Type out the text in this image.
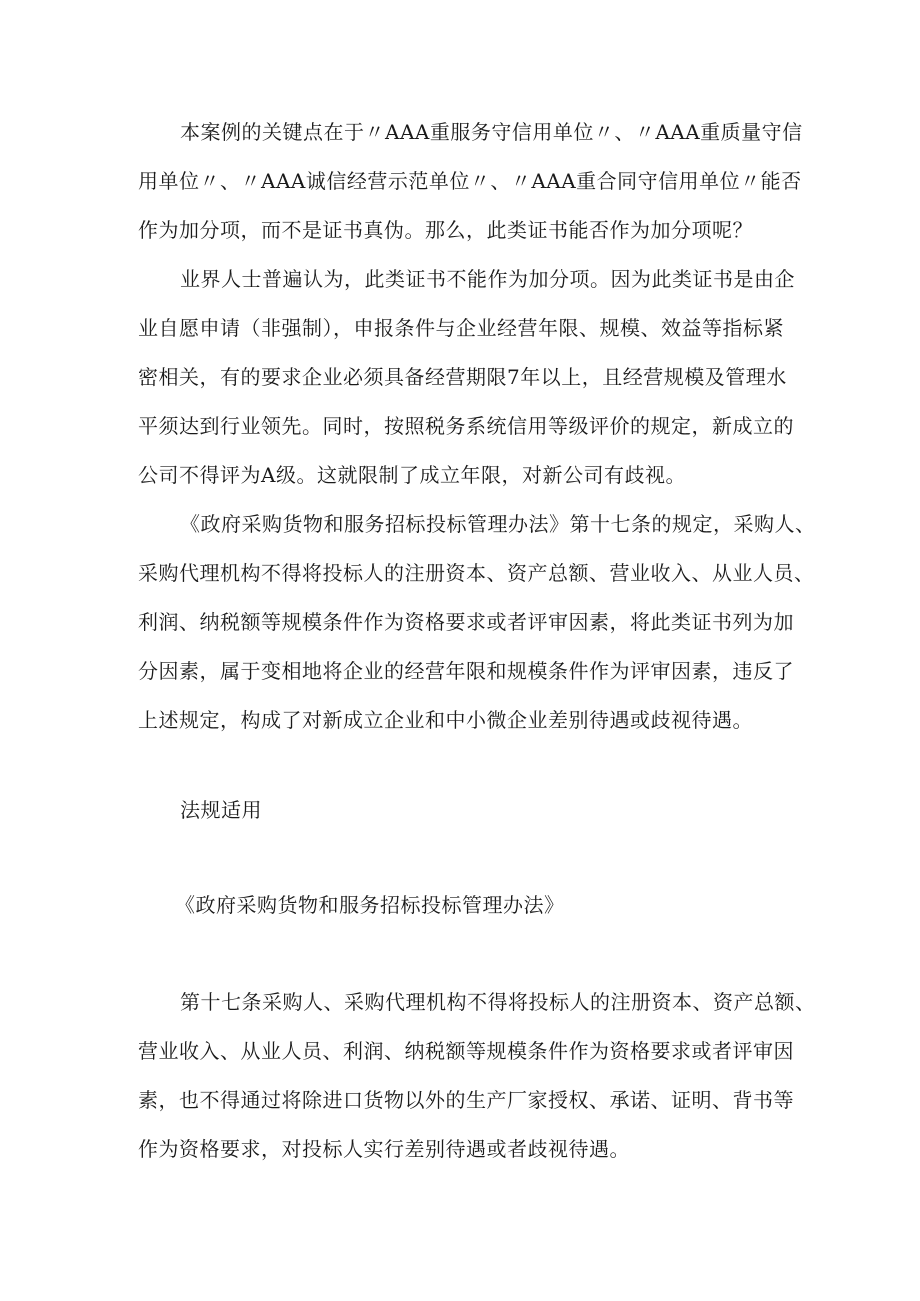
本案例的关键点在于〃AAA重服务守信用单位〃、〃AAA重质量守信
用单位〃、〃AAA诚信经营示范单位〃、〃AAA重合同守信用单位〃能否
作为加分项，而不是证书真伪。那么，此类证书能否作为加分项呢？
业界人士普遍认为，此类证书不能作为加分项。因为此类证书是由企
业自愿申请（非强制），申报条件与企业经营年限、规模、效益等指标紧
密相关，有的要求企业必须具备经营期限7年以上，且经营规模及管理水
平须达到行业领先。同时，按照税务系统信用等级评价的规定，新成立的
公司不得评为A级。这就限制了成立年限，对新公司有歧视。
《政府采购货物和服务招标投标管理办法》第十七条的规定，采购人、
采购代理机构不得将投标人的注册资本、资产总额、营业收入、从业人员、
利润、纳税额等规模条件作为资格要求或者评审因素，将此类证书列为加
分因素，属于变相地将企业的经营年限和规模条件作为评审因素，违反了
上述规定，构成了对新成立企业和中小微企业差别待遇或歧视待遇。
法规适用
《政府采购货物和服务招标投标管理办法》
第十七条采购人、采购代理机构不得将投标人的注册资本、资产总额、
营业收入、从业人员、利润、纳税额等规模条件作为资格要求或者评审因
素，也不得通过将除进口货物以外的生产厂家授权、承诺、证明、背书等
作为资格要求，对投标人实行差别待遇或者歧视待遇。
